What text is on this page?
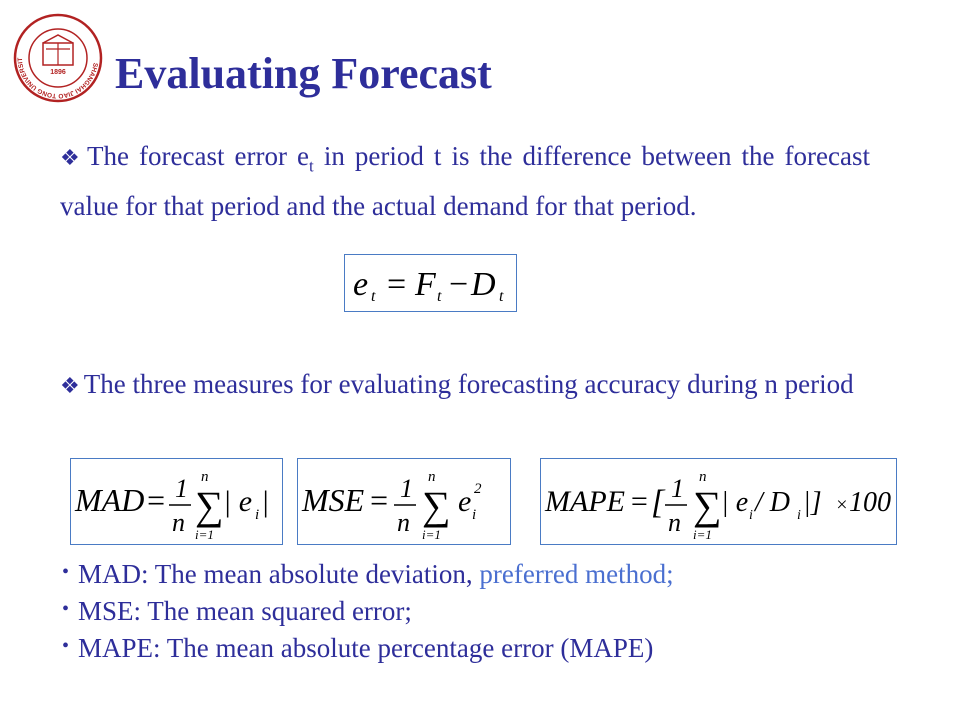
SHANGHAI JIAO TONG UNIVERSIT
1896 Evaluating Forecast

❖ The forecast error $e_t$ in period t is the difference between the forecast value for that period and the actual demand for that period.

e t = F t − D t

❖ The three measures for evaluating forecasting accuracy during n period

MAD = 1
n
n
∑
i=1
| e i | MSE = 1
n
n
∑
i=1
e i
2 MAPE = [ 1
n
n
∑
i=1
| e i / D i |] × 100
• MAD: The mean absolute deviation, preferred method;
• MSE: The mean squared error;
• MAPE: The mean absolute percentage error (MAPE)
